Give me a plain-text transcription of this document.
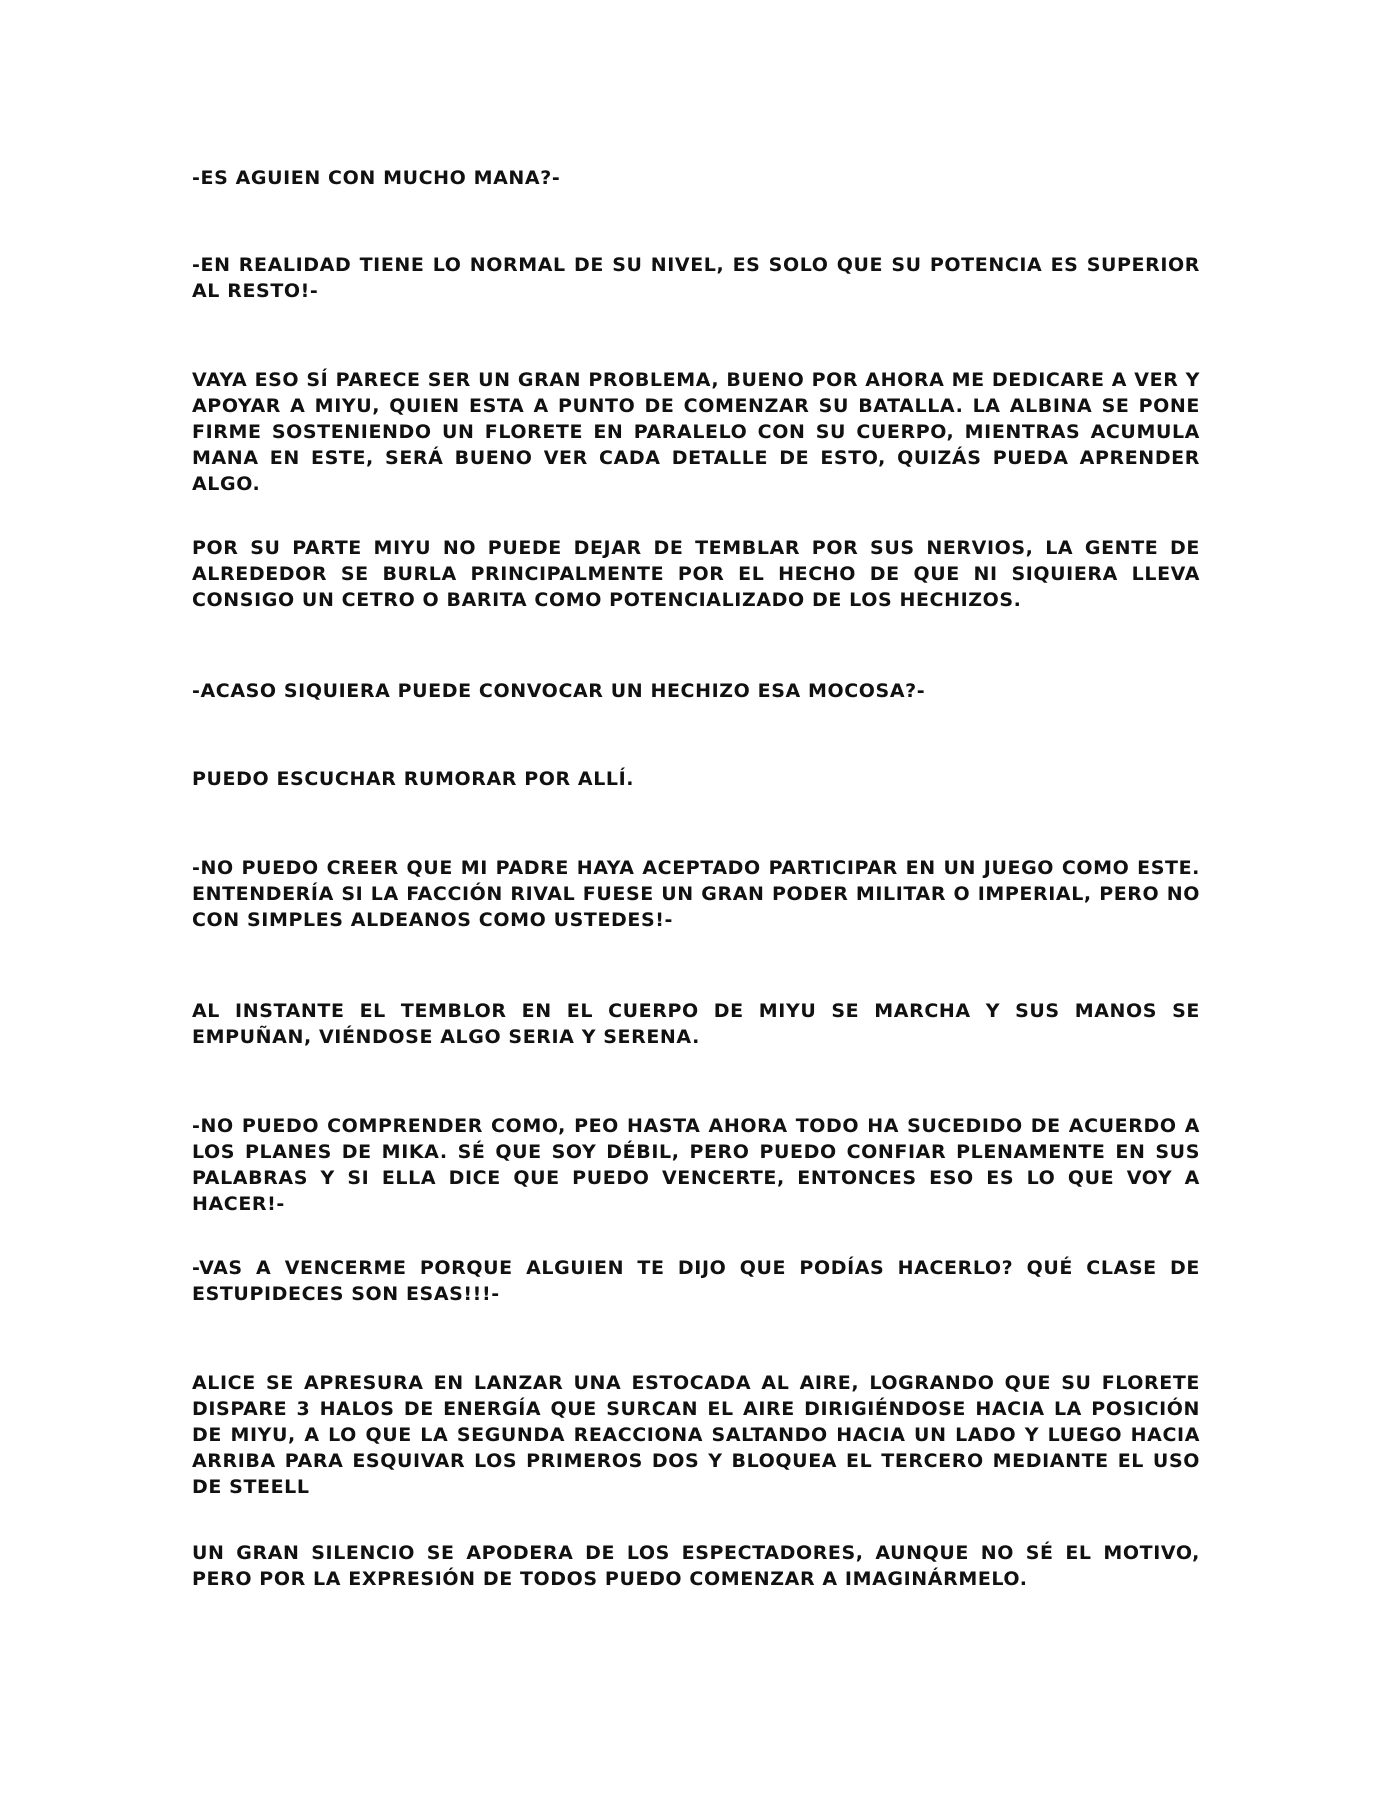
-ES AGUIEN CON MUCHO MANA?-

-EN REALIDAD TIENE LO NORMAL DE SU NIVEL, ES SOLO QUE SU POTENCIA ES SUPERIOR AL RESTO!-

VAYA ESO SÍ PARECE SER UN GRAN PROBLEMA, BUENO POR AHORA ME DEDICARE A VER Y APOYAR A MIYU, QUIEN ESTA A PUNTO DE COMENZAR SU BATALLA. LA ALBINA SE PONE FIRME SOSTENIENDO UN FLORETE EN PARALELO CON SU CUERPO, MIENTRAS ACUMULA MANA EN ESTE, SERÁ BUENO VER CADA DETALLE DE ESTO, QUIZÁS PUEDA APRENDER ALGO.

POR SU PARTE MIYU NO PUEDE DEJAR DE TEMBLAR POR SUS NERVIOS, LA GENTE DE ALREDEDOR SE BURLA PRINCIPALMENTE POR EL HECHO DE QUE NI SIQUIERA LLEVA CONSIGO UN CETRO O BARITA COMO POTENCIALIZADO DE LOS HECHIZOS.

-ACASO SIQUIERA PUEDE CONVOCAR UN HECHIZO ESA MOCOSA?-

PUEDO ESCUCHAR RUMORAR POR ALLÍ.

-NO PUEDO CREER QUE MI PADRE HAYA ACEPTADO PARTICIPAR EN UN JUEGO COMO ESTE. ENTENDERÍA SI LA FACCIÓN RIVAL FUESE UN GRAN PODER MILITAR O IMPERIAL, PERO NO CON SIMPLES ALDEANOS COMO USTEDES!-

AL INSTANTE EL TEMBLOR EN EL CUERPO DE MIYU SE MARCHA Y SUS MANOS SE EMPUÑAN, VIÉNDOSE ALGO SERIA Y SERENA.

-NO PUEDO COMPRENDER COMO, PEO HASTA AHORA TODO HA SUCEDIDO DE ACUERDO A LOS PLANES DE MIKA. SÉ QUE SOY DÉBIL, PERO PUEDO CONFIAR PLENAMENTE EN SUS PALABRAS Y SI ELLA DICE QUE PUEDO VENCERTE, ENTONCES ESO ES LO QUE VOY A HACER!-

-VAS A VENCERME PORQUE ALGUIEN TE DIJO QUE PODÍAS HACERLO? QUÉ CLASE DE ESTUPIDECES SON ESAS!!!-

ALICE SE APRESURA EN LANZAR UNA ESTOCADA AL AIRE, LOGRANDO QUE SU FLORETE DISPARE 3 HALOS DE ENERGÍA QUE SURCAN EL AIRE DIRIGIÉNDOSE HACIA LA POSICIÓN DE MIYU, A LO QUE LA SEGUNDA REACCIONA SALTANDO HACIA UN LADO Y LUEGO HACIA ARRIBA PARA ESQUIVAR LOS PRIMEROS DOS Y BLOQUEA EL TERCERO MEDIANTE EL USO DE STEELL

UN GRAN SILENCIO SE APODERA DE LOS ESPECTADORES, AUNQUE NO SÉ EL MOTIVO, PERO POR LA EXPRESIÓN DE TODOS PUEDO COMENZAR A IMAGINÁRMELO.
